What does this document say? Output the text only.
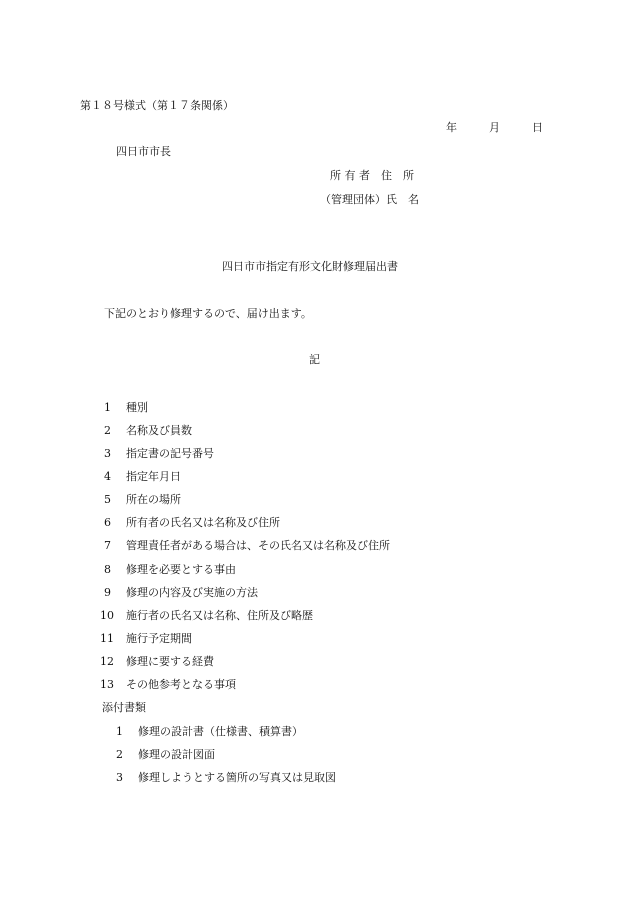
第１８号様式（第１７条関係）
年	月	日
四日市市長
所 有 者　住　所
（管理団体）氏　名
四日市市指定有形文化財修理届出書
下記のとおり修理するので、届け出ます。
記
1 種別
2 名称及び員数
3 指定書の記号番号
4 指定年月日
5 所在の場所
6 所有者の氏名又は名称及び住所
7 管理責任者がある場合は、その氏名又は名称及び住所
8 修理を必要とする事由
9 修理の内容及び実施の方法
10 施行者の氏名又は名称、住所及び略歴
11 施行予定期間
12 修理に要する経費
13 その他参考となる事項
添付書類
1 修理の設計書（仕様書、積算書）
2 修理の設計図面
3 修理しようとする箇所の写真又は見取図
